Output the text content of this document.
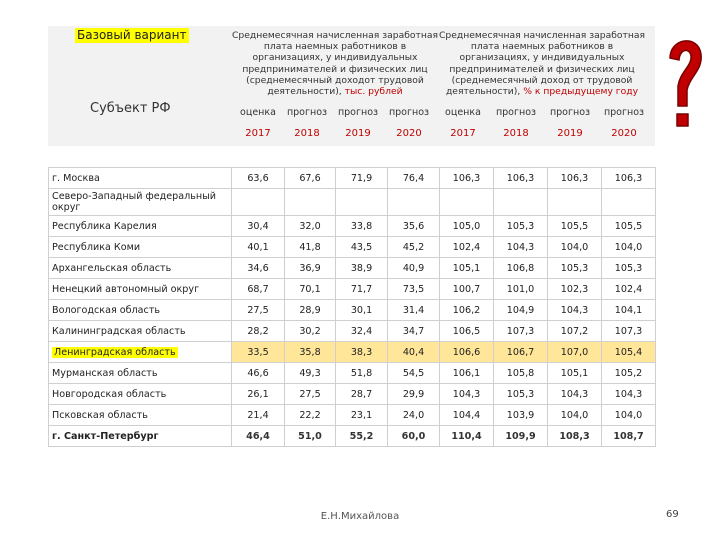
Базовый вариант
Субъект РФ
Среднемесячная начисленная заработная плата наемных работников в организациях, у индивидуальных предпринимателей и физических лиц (среднемесячный доходот трудовой деятельности), тыс. рублей
Среднемесячная начисленная заработная плата наемных работников в организациях, у индивидуальных предпринимателей и физических лиц (среднемесячный доход от трудовой деятельности), % к предыдущему году
оценка	прогноз	прогноз	прогноз	оценка	прогноз	прогноз	прогноз
2017	2018	2019	2020	2017	2018	2019	2020
г. Москва	63,6	67,6	71,9	76,4	106,3	106,3	106,3	106,3
Северо-Западный федеральный округ								
Республика Карелия	30,4	32,0	33,8	35,6	105,0	105,3	105,5	105,5
Республика Коми	40,1	41,8	43,5	45,2	102,4	104,3	104,0	104,0
Архангельская область	34,6	36,9	38,9	40,9	105,1	106,8	105,3	105,3
Ненецкий автономный округ	68,7	70,1	71,7	73,5	100,7	101,0	102,3	102,4
Вологодская область	27,5	28,9	30,1	31,4	106,2	104,9	104,3	104,1
Калининградская область	28,2	30,2	32,4	34,7	106,5	107,3	107,2	107,3
Ленинградская область	33,5	35,8	38,3	40,4	106,6	106,7	107,0	105,4
Мурманская область	46,6	49,3	51,8	54,5	106,1	105,8	105,1	105,2
Новгородская область	26,1	27,5	28,7	29,9	104,3	105,3	104,3	104,3
Псковская область	21,4	22,2	23,1	24,0	104,4	103,9	104,0	104,0
г. Санкт-Петербург	46,4	51,0	55,2	60,0	110,4	109,9	108,3	108,7
Е.Н.Михайлова	69
